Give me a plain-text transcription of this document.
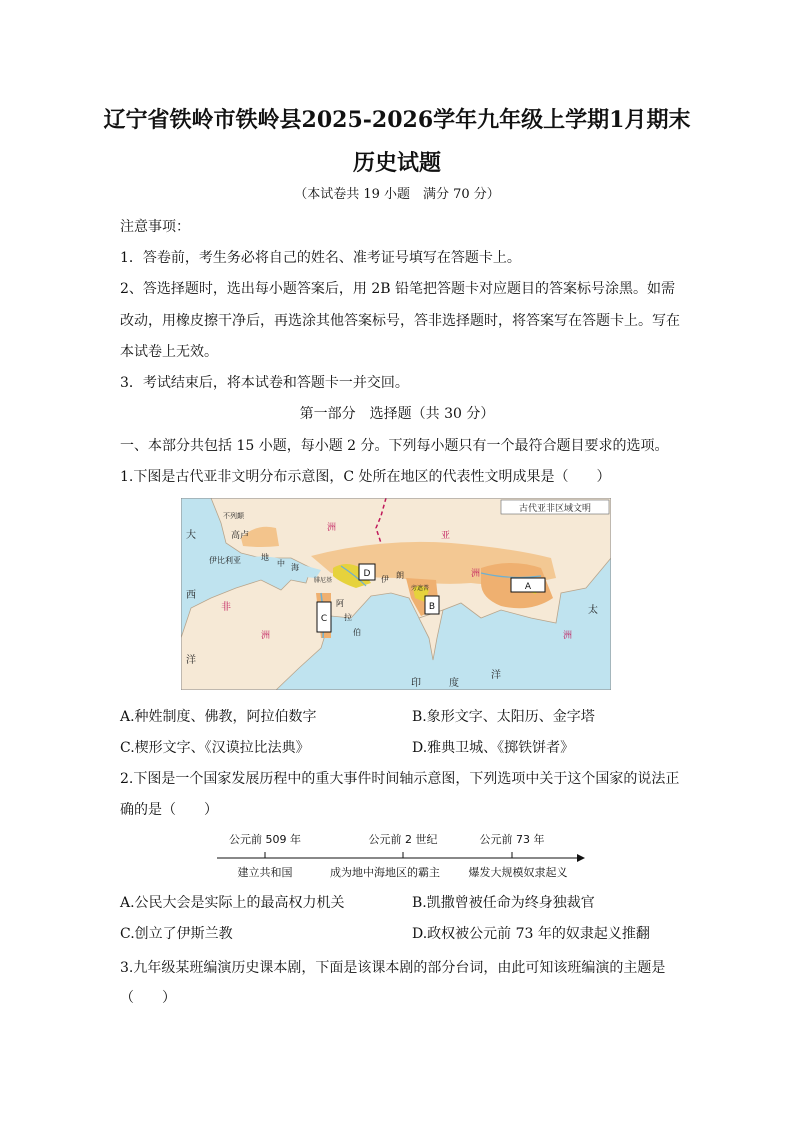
辽宁省铁岭市铁岭县2025-2026学年九年级上学期1月期末
历史试题
（本试卷共 19 小题　满分 70 分）
注意事项：
1．答卷前，考生务必将自己的姓名、准考证号填写在答题卡上。
2、答选择题时，选出每小题答案后，用 2B 铅笔把答题卡对应题目的答案标号涂黑。如需
改动，用橡皮擦干净后，再选涂其他答案标号，答非选择题时，将答案写在答题卡上。写在
本试卷上无效。
3．考试结束后，将本试卷和答题卡一并交回。
第一部分　选择题（共 30 分）
一、本部分共包括 15 小题，每小题 2 分。下列每小题只有一个最符合题目要求的选项。
1.下图是古代亚非文明分布示意图，C 处所在地区的代表性文明成果是（　　）
古代亚非区域文明
不列颠
高卢
伊比利亚
大
西
洋
洲
洲
洲	洲
非
地
中 海
腓尼基
阿
拉
伯
伊 朗
旁遮普
亚
太
印	度
洋
A
B
C
D
A.种姓制度、佛教，阿拉伯数字	B.象形文字、太阳历、金字塔
C.楔形文字、《汉谟拉比法典》	D.雅典卫城、《掷铁饼者》
2.下图是一个国家发展历程中的重大事件时间轴示意图，下列选项中关于这个国家的说法正
确的是（　　）
公元前 509 年	公元前 2 世纪	公元前 73 年
建立共和国	成为地中海地区的霸主	爆发大规模奴隶起义
A.公民大会是实际上的最高权力机关	B.凯撒曾被任命为终身独裁官
C.创立了伊斯兰教	D.政权被公元前 73 年的奴隶起义推翻
3.九年级某班编演历史课本剧，下面是该课本剧的部分台词，由此可知该班编演的主题是
（　　）
